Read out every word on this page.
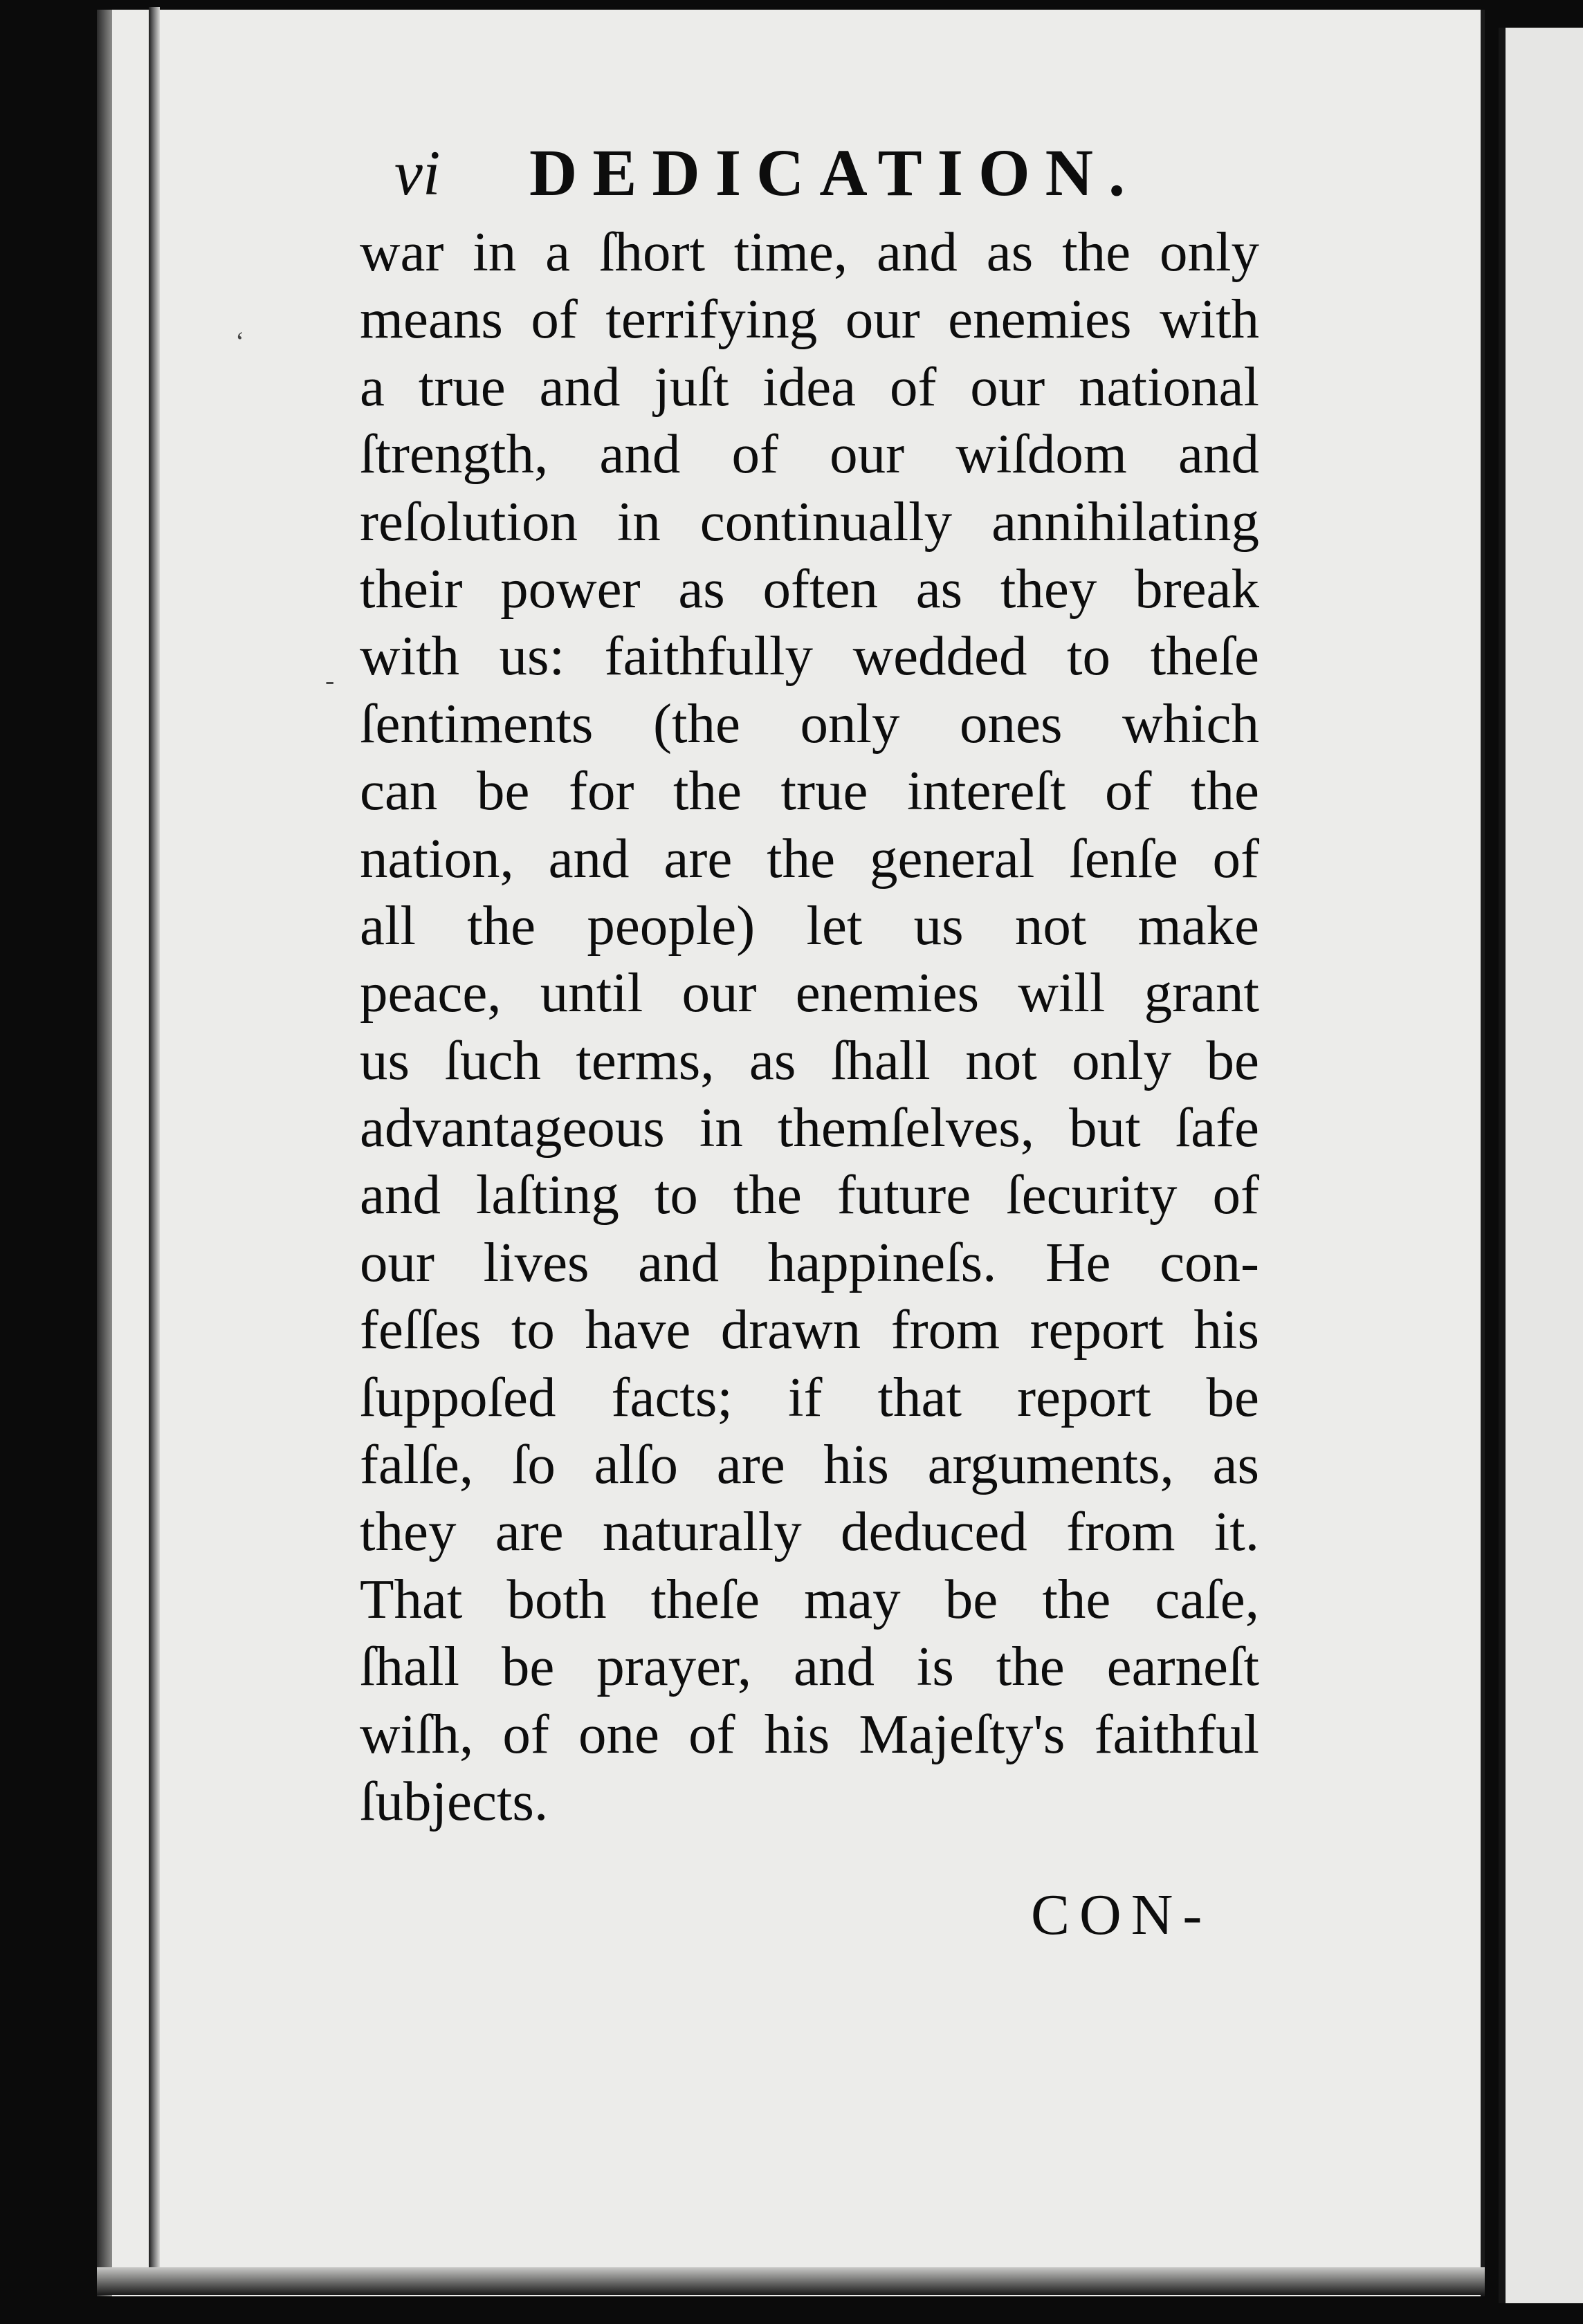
‘
-
vi DEDICATION.
war in a ſhort time, and as the only
means of terrifying our enemies with
a true and juſt idea of our national
ſtrength, and of our wiſdom and
reſolution in continually annihilating
their power as often as they break
with us: faithfully wedded to theſe
ſentiments (the only ones which
can be for the true intereſt of the
nation, and are the general ſenſe of
all the people) let us not make
peace, until our enemies will grant
us ſuch terms, as ſhall not only be
advantageous in themſelves, but ſafe
and laſting to the future ſecurity of
our lives and happineſs. He con-
feſſes to have drawn from report his
ſuppoſed facts; if that report be
falſe, ſo alſo are his arguments, as
they are naturally deduced from it.
That both theſe may be the caſe,
ſhall be prayer, and is the earneſt
wiſh, of one of his Majeſty's faithful
ſubjects.
CON-
